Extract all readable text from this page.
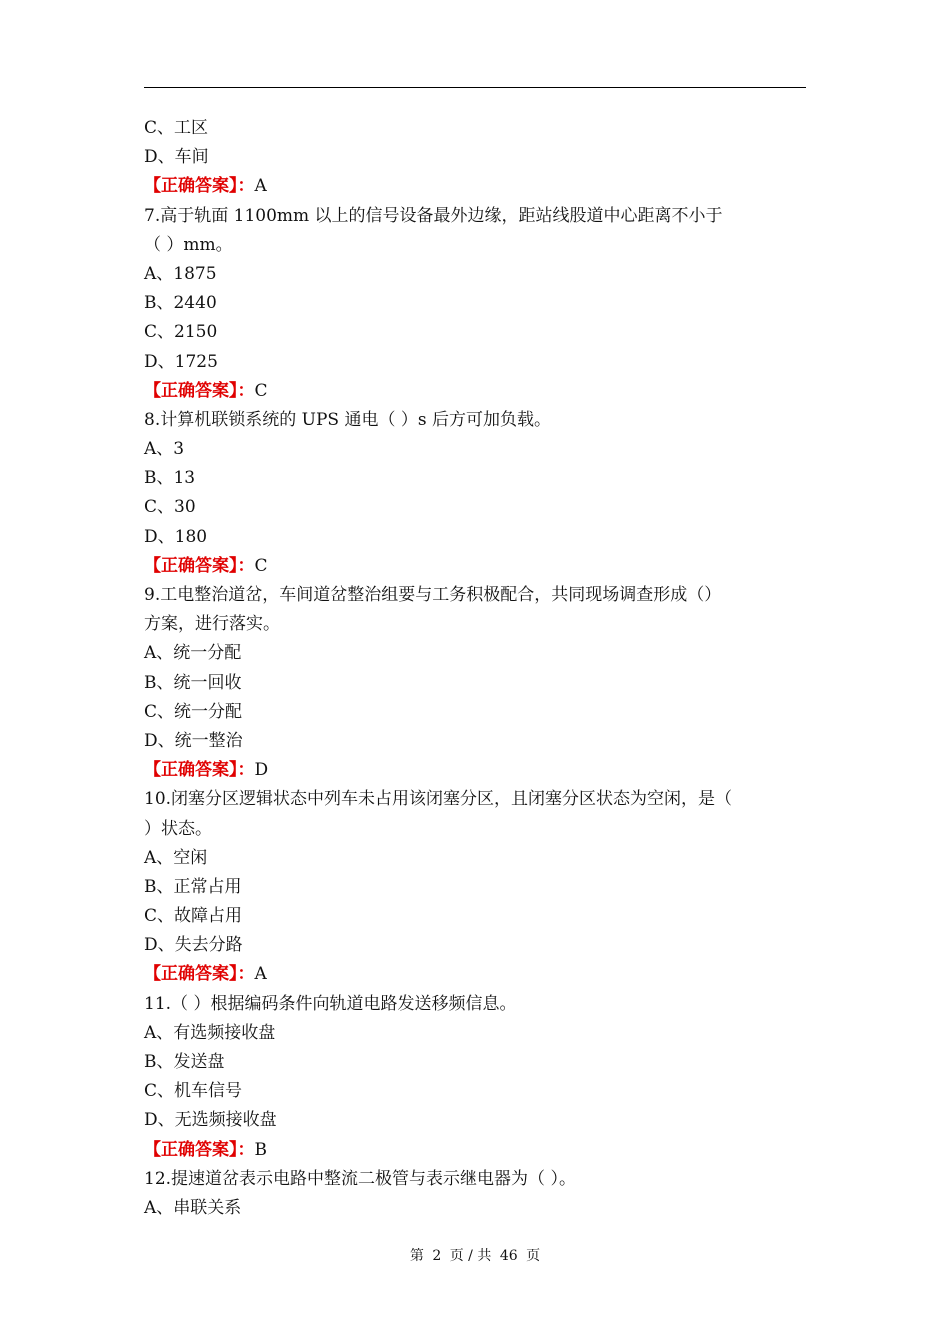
C、工区
D、车间
【正确答案】：A
7.高于轨面 1100mm 以上的信号设备最外边缘，距站线股道中心距离不小于
（ ）mm。
A、1875
B、2440
C、2150
D、1725
【正确答案】：C
8.计算机联锁系统的 UPS 通电（ ）s 后方可加负载。
A、3
B、13
C、30
D、180
【正确答案】：C
9.工电整治道岔，车间道岔整治组要与工务积极配合，共同现场调查形成（）
方案，进行落实。
A、统一分配
B、统一回收
C、统一分配
D、统一整治
【正确答案】：D
10.闭塞分区逻辑状态中列车未占用该闭塞分区，且闭塞分区状态为空闲，是（
）状态。
A、空闲
B、正常占用
C、故障占用
D、失去分路
【正确答案】：A
11.（ ）根据编码条件向轨道电路发送移频信息。
A、有选频接收盘
B、发送盘
C、机车信号
D、无选频接收盘
【正确答案】：B
12.提速道岔表示电路中整流二极管与表示继电器为（ ）。
A、串联关系
第 2 页 / 共 46 页
